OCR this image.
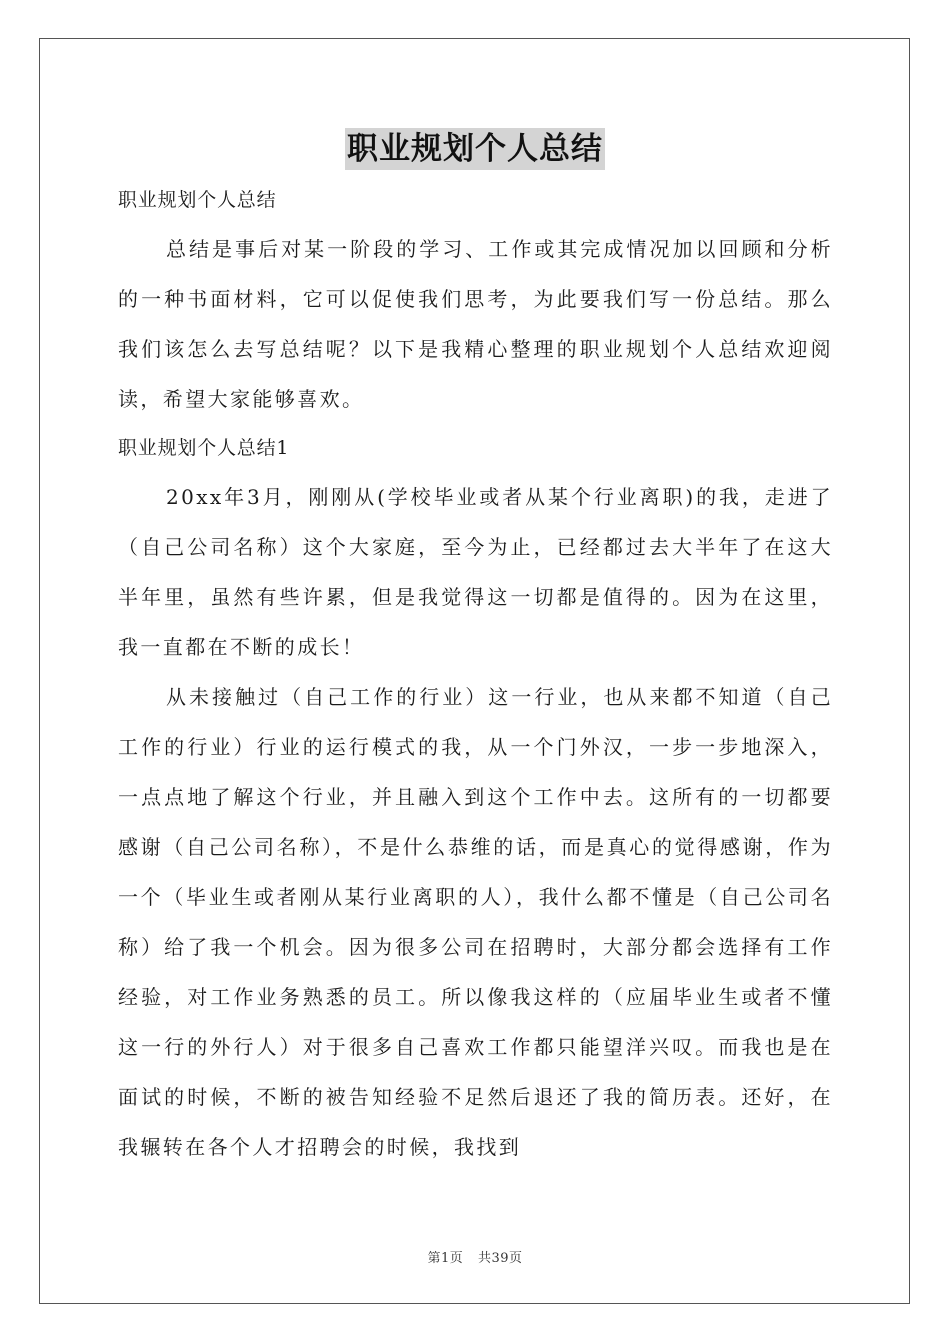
职业规划个人总结

职业规划个人总结

总结是事后对某一阶段的学习、工作或其完成情况加以回顾和分析的一种书面材料，它可以促使我们思考，为此要我们写一份总结。那么我们该怎么去写总结呢？以下是我精心整理的职业规划个人总结欢迎阅读，希望大家能够喜欢。

职业规划个人总结1

20xx年3月，刚刚从(学校毕业或者从某个行业离职)的我，走进了（自己公司名称）这个大家庭，至今为止，已经都过去大半年了在这大半年里，虽然有些许累，但是我觉得这一切都是值得的。因为在这里，我一直都在不断的成长！

从未接触过（自己工作的行业）这一行业，也从来都不知道（自己工作的行业）行业的运行模式的我，从一个门外汉，一步一步地深入，一点点地了解这个行业，并且融入到这个工作中去。这所有的一切都要感谢（自己公司名称），不是什么恭维的话，而是真心的觉得感谢，作为一个（毕业生或者刚从某行业离职的人），我什么都不懂是（自己公司名称）给了我一个机会。因为很多公司在招聘时，大部分都会选择有工作经验，对工作业务熟悉的员工。所以像我这样的（应届毕业生或者不懂这一行的外行人）对于很多自己喜欢工作都只能望洋兴叹。而我也是在面试的时候，不断的被告知经验不足然后退还了我的简历表。还好，在我辗转在各个人才招聘会的时候，我找到

第1页 共39页
